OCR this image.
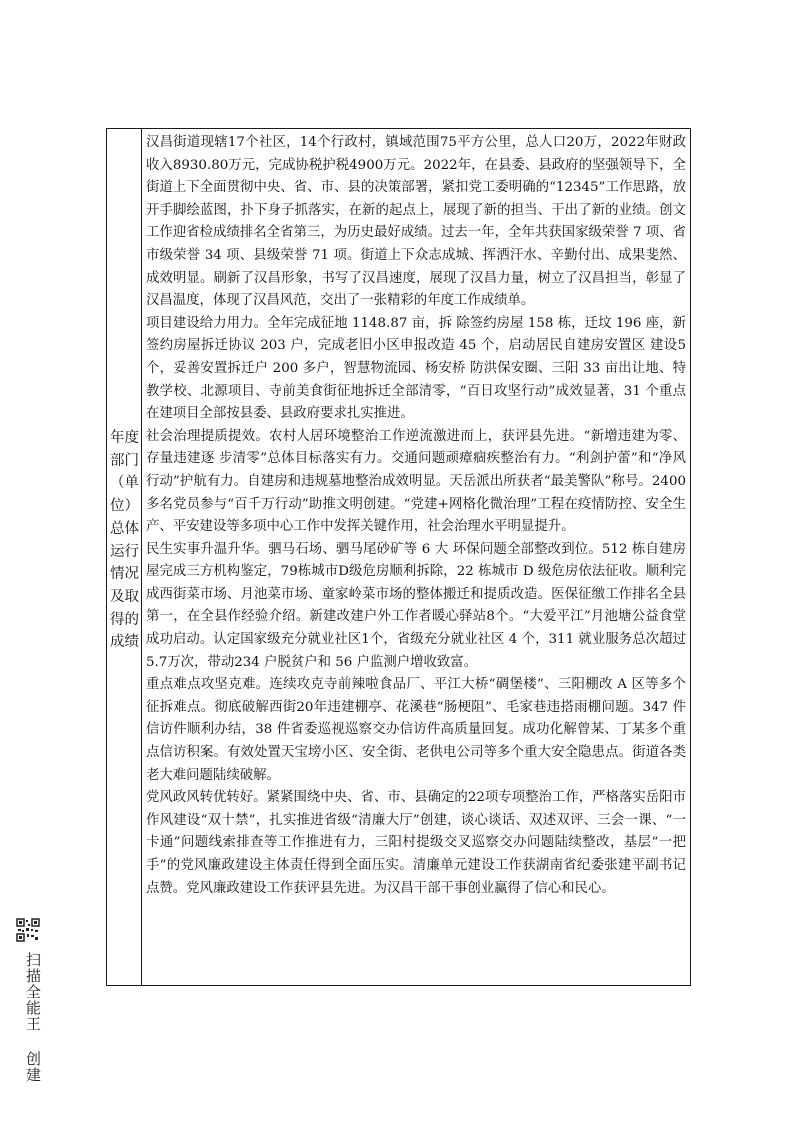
年度部门（单位）总体运行情况及取得的成绩

汉昌街道现辖17个社区，14个行政村，镇域范围75平方公里，总人口20万，2022年财政收入8930.80万元，完成协税护税4900万元。2022年，在县委、县政府的坚强领导下，全街道上下全面贯彻中央、省、市、县的决策部署，紧扣党工委明确的“12345”工作思路，放开手脚绘蓝图，扑下身子抓落实，在新的起点上，展现了新的担当、干出了新的业绩。创文工作迎省检成绩排名全省第三，为历史最好成绩。过去一年，全年共获国家级荣誉 7 项、省市级荣誉 34 项、县级荣誉 71 项。街道上下众志成城、挥洒汗水、辛勤付出、成果斐然、成效明显。刷新了汉昌形象，书写了汉昌速度，展现了汉昌力量，树立了汉昌担当，彰显了汉昌温度，体现了汉昌风范，交出了一张精彩的年度工作成绩单。

项目建设给力用力。全年完成征地 1148.87 亩，拆 除签约房屋 158 栋，迁坟 196 座，新签约房屋拆迁协议 203 户，完成老旧小区申报改造 45 个，启动居民自建房安置区 建设5个，妥善安置拆迁户 200 多户，智慧物流园、杨安桥 防洪保安圈、三阳 33 亩出让地、特教学校、北源项目、寺前美食街征地拆迁全部清零，“百日攻坚行动”成效显著，31 个重点在建项目全部按县委、县政府要求扎实推进。

社会治理提质提效。农村人居环境整治工作逆流激进而上，获评县先进。“新增违建为零、存量违建逐 步清零”总体目标落实有力。交通问题顽瘴痼疾整治有力。“利剑护蕾”和“净风行动”护航有力。自建房和违规墓地整治成效明显。天岳派出所获者“最美警队”称号。2400多名党员参与“百千万行动”助推文明创建。“党建+网格化微治理”工程在疫情防控、安全生产、平安建设等多项中心工作中发挥关键作用，社会治理水平明显提升。

民生实事升温升华。驷马石场、驷马尾砂矿等 6 大 环保问题全部整改到位。512 栋自建房屋完成三方机构鉴定，79栋城市D级危房顺利拆除，22 栋城市 D 级危房依法征收。顺利完成西街菜市场、月池菜市场、童家岭菜市场的整体搬迁和提质改造。医保征缴工作排名全县第一，在全县作经验介绍。新建改建户外工作者暖心驿站8个。“大爱平江”月池塘公益食堂成功启动。认定国家级充分就业社区1个，省级充分就业社区 4 个，311 就业服务总次超过5.7万次，带动234 户脱贫户和 56 户监测户增收致富。

重点难点攻坚克难。连续攻克寺前辣啦食品厂、平江大桥“碉堡楼”、三阳棚改 A 区等多个征拆难点。彻底破解西街20年违建棚亭、花溪巷“肠梗阻”、毛家巷违搭雨棚问题。347 件信访件顺利办结，38 件省委巡视巡察交办信访件高质量回复。成功化解曾某、丁某多个重点信访积案。有效处置天宝塝小区、安全街、老供电公司等多个重大安全隐患点。街道各类老大难问题陆续破解。

党风政风转优转好。紧紧围绕中央、省、市、县确定的22项专项整治工作，严格落实岳阳市作风建设“双十禁”，扎实推进省级“清廉大厅”创建，谈心谈话、双述双评、三会一课、“一卡通”问题线索排查等工作推进有力，三阳村提级交叉巡察交办问题陆续整改，基层“一把手”的党风廉政建设主体责任得到全面压实。清廉单元建设工作获湖南省纪委张建平副书记点赞。党风廉政建设工作获评县先进。为汉昌干部干事创业赢得了信心和民心。

扫描全能王 创建
